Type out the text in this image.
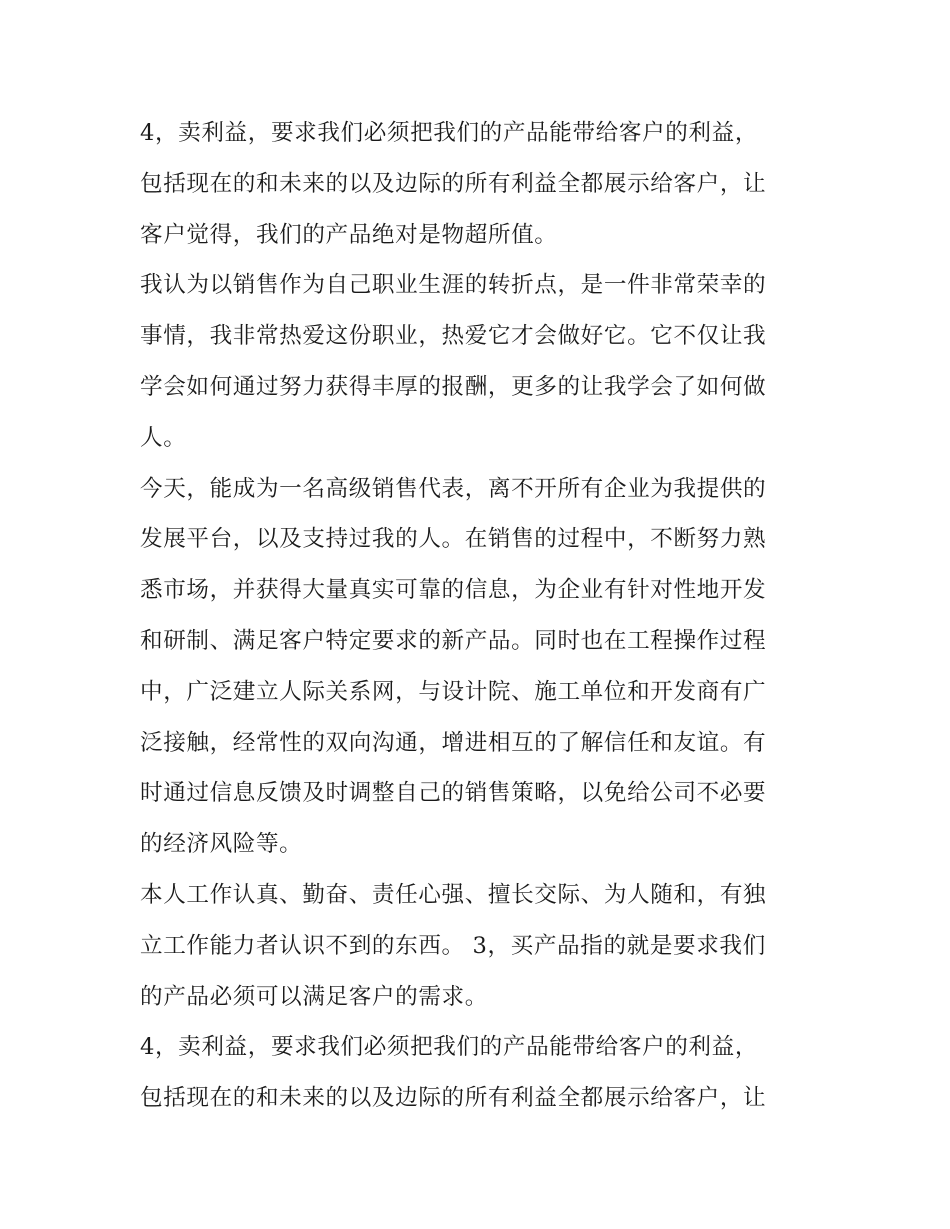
4，卖利益，要求我们必须把我们的产品能带给客户的利益，
包括现在的和未来的以及边际的所有利益全都展示给客户，让
客户觉得，我们的产品绝对是物超所值。
我认为以销售作为自己职业生涯的转折点，是一件非常荣幸的
事情，我非常热爱这份职业，热爱它才会做好它。它不仅让我
学会如何通过努力获得丰厚的报酬，更多的让我学会了如何做
人。
今天，能成为一名高级销售代表，离不开所有企业为我提供的
发展平台，以及支持过我的人。在销售的过程中，不断努力熟
悉市场，并获得大量真实可靠的信息，为企业有针对性地开发
和研制、满足客户特定要求的新产品。同时也在工程操作过程
中，广泛建立人际关系网，与设计院、施工单位和开发商有广
泛接触，经常性的双向沟通，增进相互的了解信任和友谊。有
时通过信息反馈及时调整自己的销售策略，以免给公司不必要
的经济风险等。
本人工作认真、勤奋、责任心强、擅长交际、为人随和，有独
立工作能力者认识不到的东西。 3，买产品指的就是要求我们
的产品必须可以满足客户的需求。
4，卖利益，要求我们必须把我们的产品能带给客户的利益，
包括现在的和未来的以及边际的所有利益全都展示给客户，让
